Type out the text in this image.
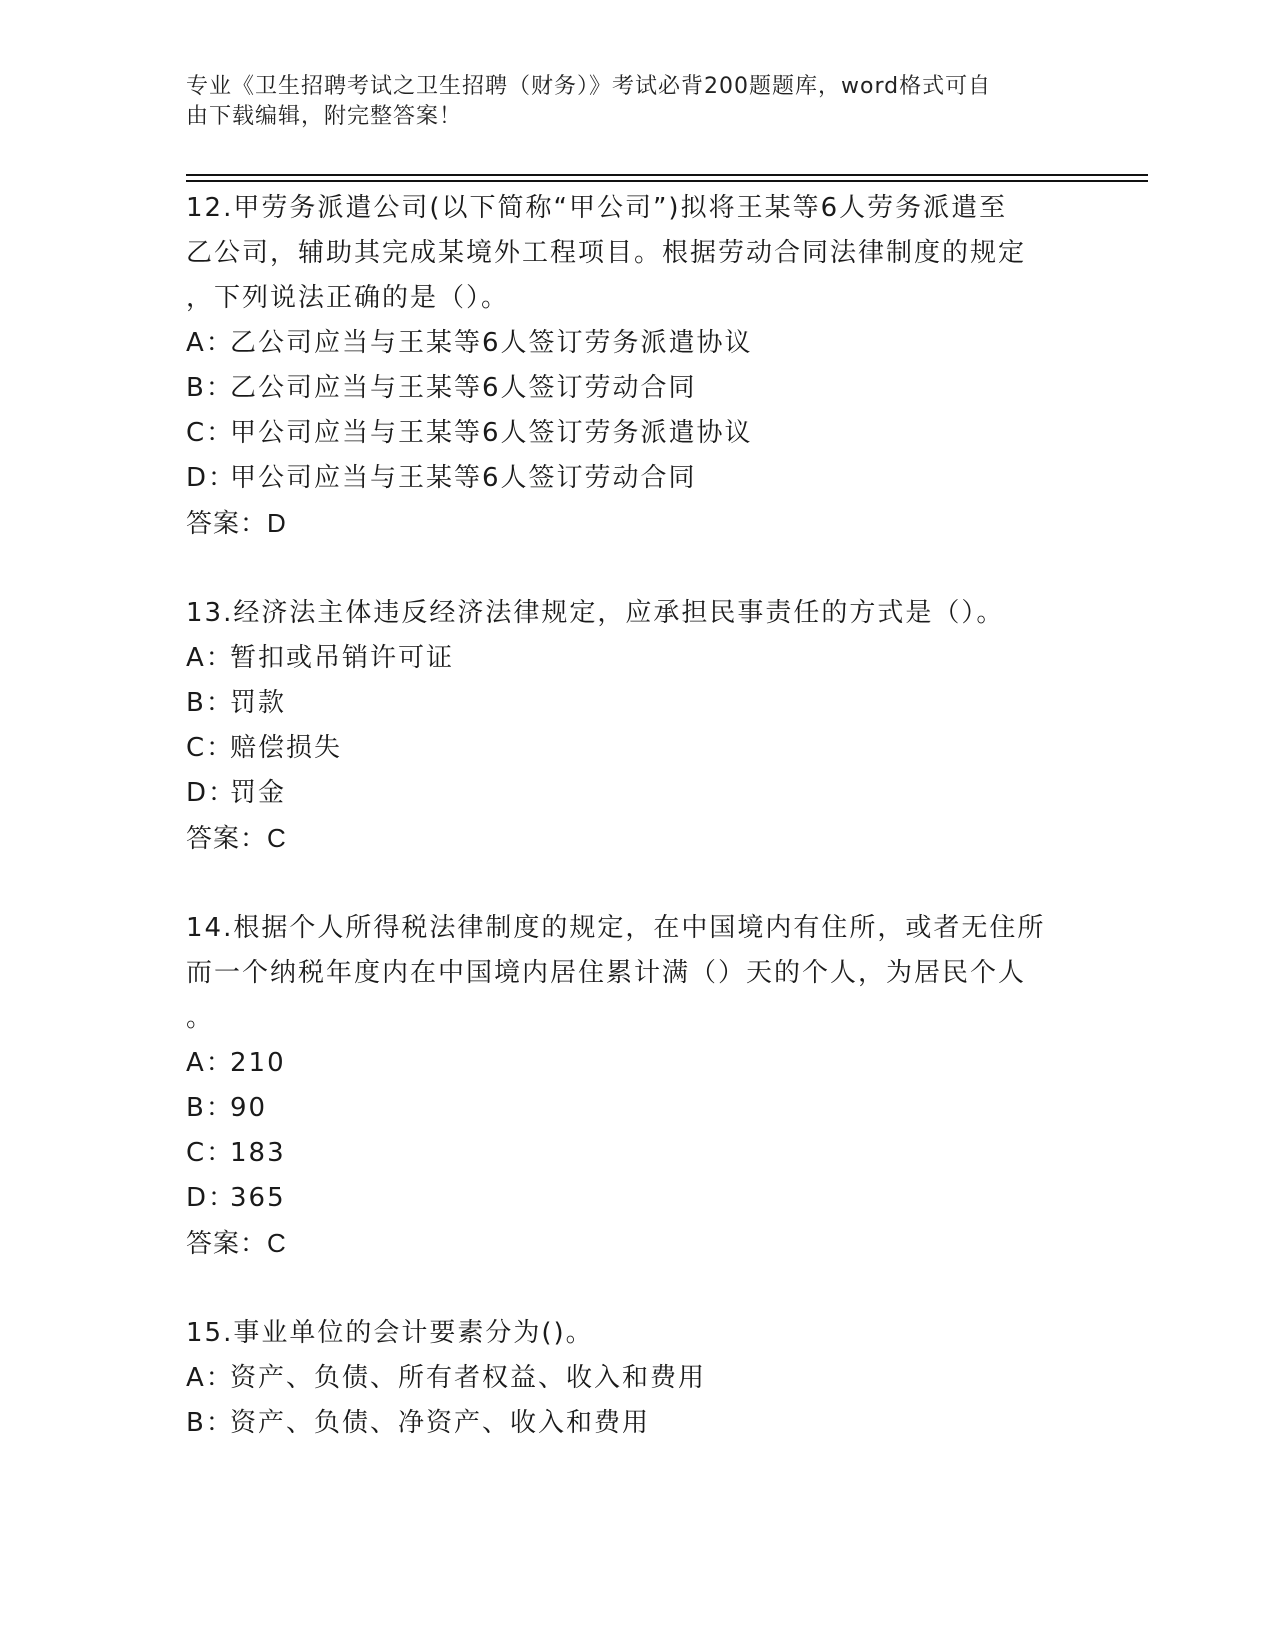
专业《卫生招聘考试之卫生招聘（财务）》考试必背200题题库，word格式可自

由下载编辑，附完整答案！

12.甲劳务派遣公司(以下简称“甲公司”)拟将王某等6人劳务派遣至
乙公司，辅助其完成某境外工程项目。根据劳动合同法律制度的规定
，下列说法正确的是（）。

A：乙公司应当与王某等6人签订劳务派遣协议

B：乙公司应当与王某等6人签订劳动合同

C：甲公司应当与王某等6人签订劳务派遣协议

D：甲公司应当与王某等6人签订劳动合同

答案：D

13.经济法主体违反经济法律规定，应承担民事责任的方式是（）。

A：暂扣或吊销许可证

B：罚款

C：赔偿损失

D：罚金

答案：C

14.根据个人所得税法律制度的规定，在中国境内有住所，或者无住所
而一个纳税年度内在中国境内居住累计满（）天的个人，为居民个人
。

A：210

B：90

C：183

D：365

答案：C

15.事业单位的会计要素分为()。

A：资产、负债、所有者权益、收入和费用

B：资产、负债、净资产、收入和费用
